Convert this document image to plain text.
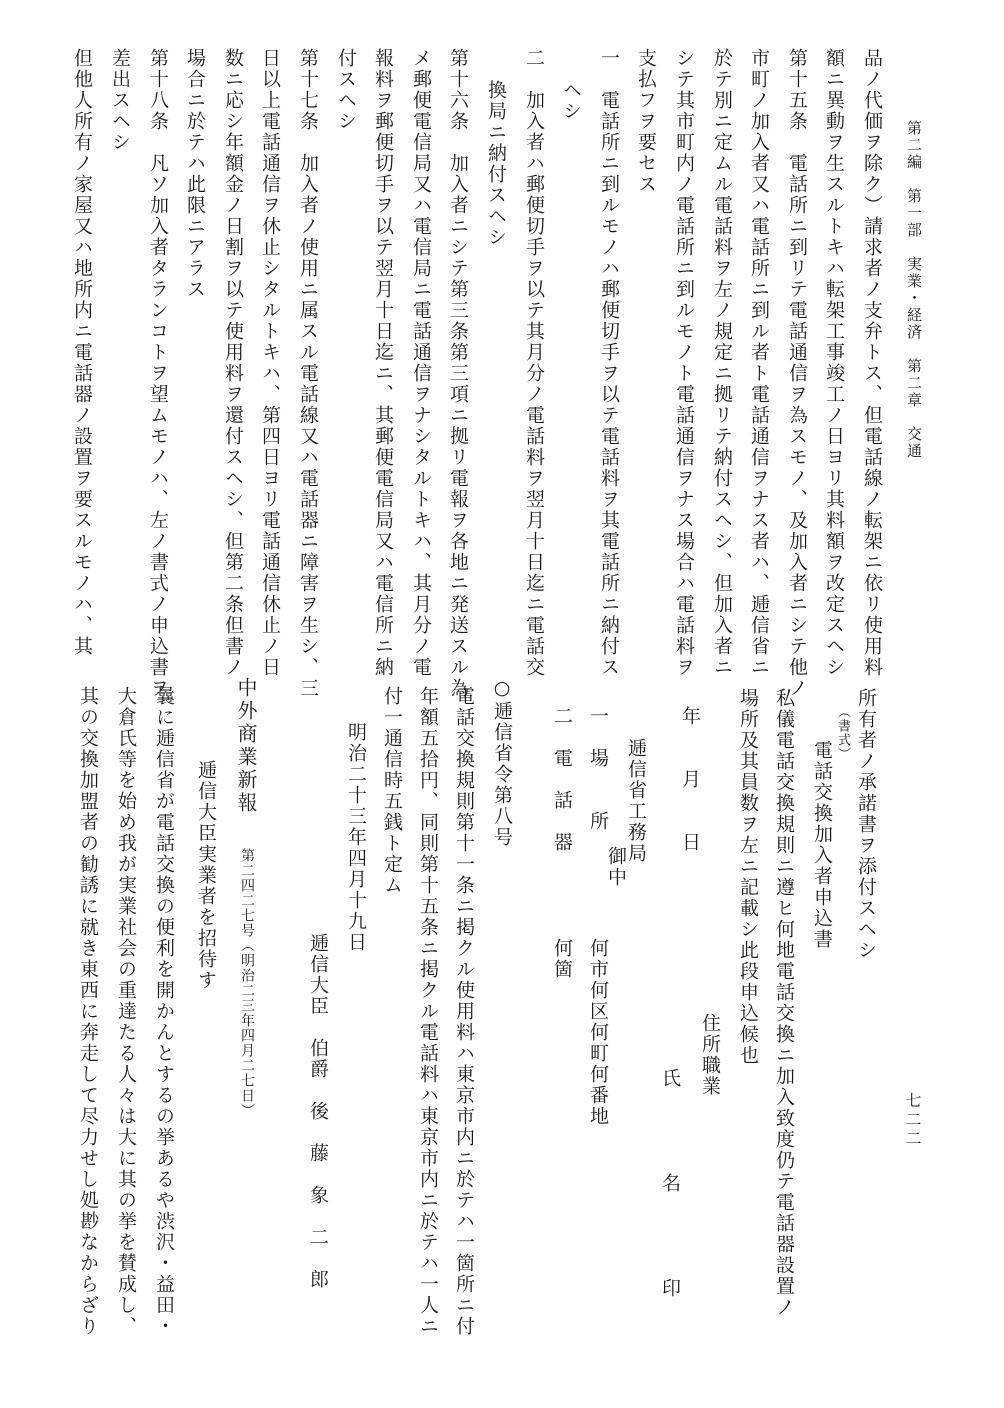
第二編　第一部　実業・経済　第二章　交通
七二二
品ノ代価ヲ除ク）請求者ノ支弁トス、但電話線ノ転架ニ依リ使用料
額ニ異動ヲ生スルトキハ転架工事竣工ノ日ヨリ其料額ヲ改定スヘシ
第十五条　電話所ニ到リテ電話通信ヲ為スモノ、及加入者ニシテ他ノ
市町ノ加入者又ハ電話所ニ到ル者ト電話通信ヲナス者ハ、逓信省ニ
於テ別ニ定ムル電話料ヲ左ノ規定ニ拠リテ納付スヘシ、但加入者ニ
シテ其市町内ノ電話所ニ到ルモノト電話通信ヲナス場合ハ電話料ヲ
支払フヲ要セス
一　電話所ニ到ルモノハ郵便切手ヲ以テ電話料ヲ其電話所ニ納付ス
ヘシ
二　加入者ハ郵便切手ヲ以テ其月分ノ電話料ヲ翌月十日迄ニ電話交
換局ニ納付スヘシ
第十六条　加入者ニシテ第三条第三項ニ拠リ電報ヲ各地ニ発送スル為
メ郵便電信局又ハ電信局ニ電話通信ヲナシタルトキハ、其月分ノ電
報料ヲ郵便切手ヲ以テ翌月十日迄ニ、其郵便電信局又ハ電信所ニ納
付スヘシ
第十七条　加入者ノ使用ニ属スル電話線又ハ電話器ニ障害ヲ生シ、三
日以上電話通信ヲ休止シタルトキハ、第四日ヨリ電話通信休止ノ日
数ニ応シ年額金ノ日割ヲ以テ使用料ヲ還付スヘシ、但第二条但書ノ
場合ニ於テハ此限ニアラス
第十八条　凡ソ加入者タランコトヲ望ムモノハ、左ノ書式ノ申込書ヲ
差出スヘシ
但他人所有ノ家屋又ハ地所内ニ電話器ノ設置ヲ要スルモノハ、其
所有者ノ承諾書ヲ添付スヘシ
（書式）
電話交換加入者申込書
私儀電話交換規則ニ遵ヒ何地電話交換ニ加入致度仍テ電話器設置ノ
場所及其員数ヲ左ニ記載シ此段申込候也
住所職業
年　　月　　日
氏　　　　名　　　　印
逓信省工務局
御中
一　場　　所
何市何区何町何番地
二　電　話　器
何箇
○逓信省令第八号
電話交換規則第十一条ニ掲クル使用料ハ東京市内ニ於テハ一箇所ニ付
年額五拾円、同則第十五条ニ掲クル電話料ハ東京市内ニ於テハ一人ニ
付一通信時五銭ト定ム
明治二十三年四月十九日
逓信大臣　伯爵　後　藤　象　二　郎
中外商業新報
第二四二七号（明治二三年四月二七日）
逓信大臣実業者を招待す
曩に逓信省が電話交換の便利を開かんとするの挙あるや渋沢・益田・
大倉氏等を始め我が実業社会の重達たる人々は大に其の挙を賛成し、
其の交換加盟者の勧誘に就き東西に奔走して尽力せし処尠なからざり
